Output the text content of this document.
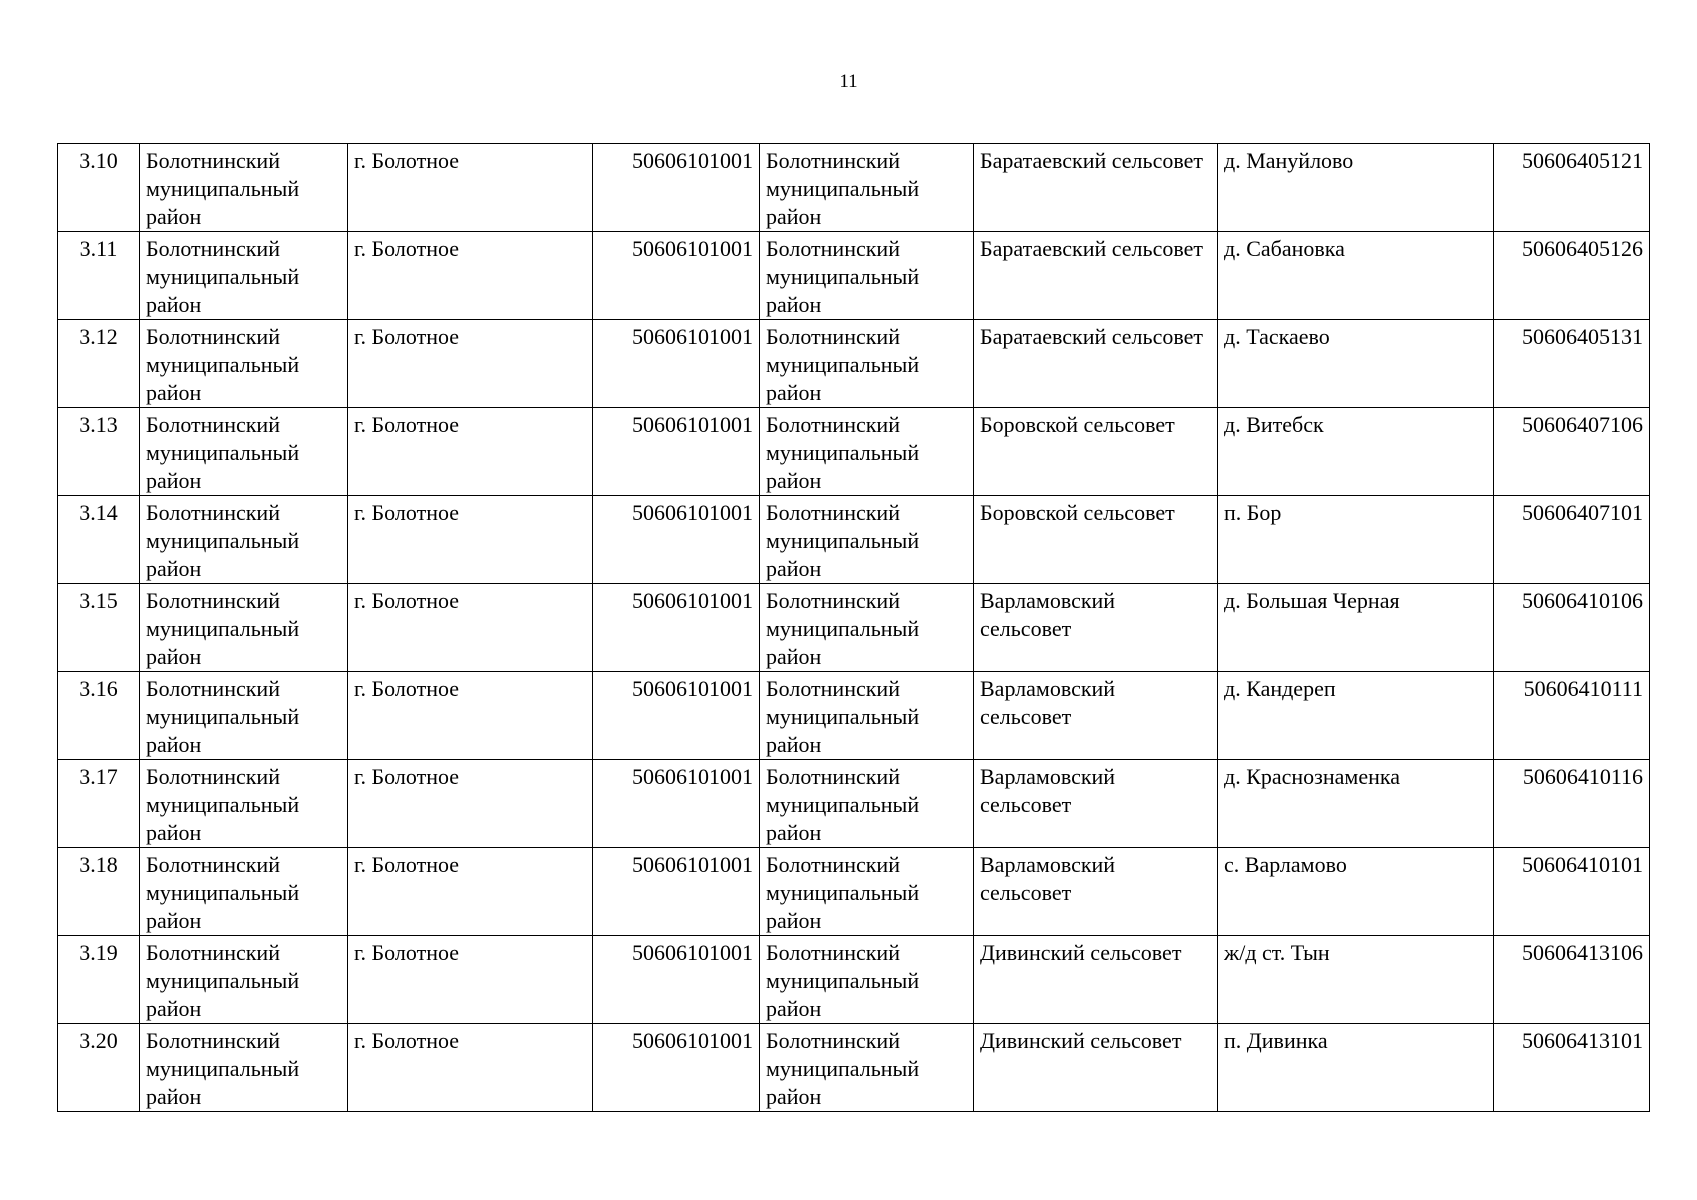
11
3.10	Болотнинский муниципальный район	г. Болотное	50606101001	Болотнинский муниципальный район	Баратаевский сельсовет	д. Мануйлово	50606405121
3.11	Болотнинский муниципальный район	г. Болотное	50606101001	Болотнинский муниципальный район	Баратаевский сельсовет	д. Сабановка	50606405126
3.12	Болотнинский муниципальный район	г. Болотное	50606101001	Болотнинский муниципальный район	Баратаевский сельсовет	д. Таскаево	50606405131
3.13	Болотнинский муниципальный район	г. Болотное	50606101001	Болотнинский муниципальный район	Боровской сельсовет	д. Витебск	50606407106
3.14	Болотнинский муниципальный район	г. Болотное	50606101001	Болотнинский муниципальный район	Боровской сельсовет	п. Бор	50606407101
3.15	Болотнинский муниципальный район	г. Болотное	50606101001	Болотнинский муниципальный район	Варламовский сельсовет	д. Большая Черная	50606410106
3.16	Болотнинский муниципальный район	г. Болотное	50606101001	Болотнинский муниципальный район	Варламовский сельсовет	д. Кандереп	50606410111
3.17	Болотнинский муниципальный район	г. Болотное	50606101001	Болотнинский муниципальный район	Варламовский сельсовет	д. Краснознаменка	50606410116
3.18	Болотнинский муниципальный район	г. Болотное	50606101001	Болотнинский муниципальный район	Варламовский сельсовет	с. Варламово	50606410101
3.19	Болотнинский муниципальный район	г. Болотное	50606101001	Болотнинский муниципальный район	Дивинский сельсовет	ж/д ст. Тын	50606413106
3.20	Болотнинский муниципальный район	г. Болотное	50606101001	Болотнинский муниципальный район	Дивинский сельсовет	п. Дивинка	50606413101
